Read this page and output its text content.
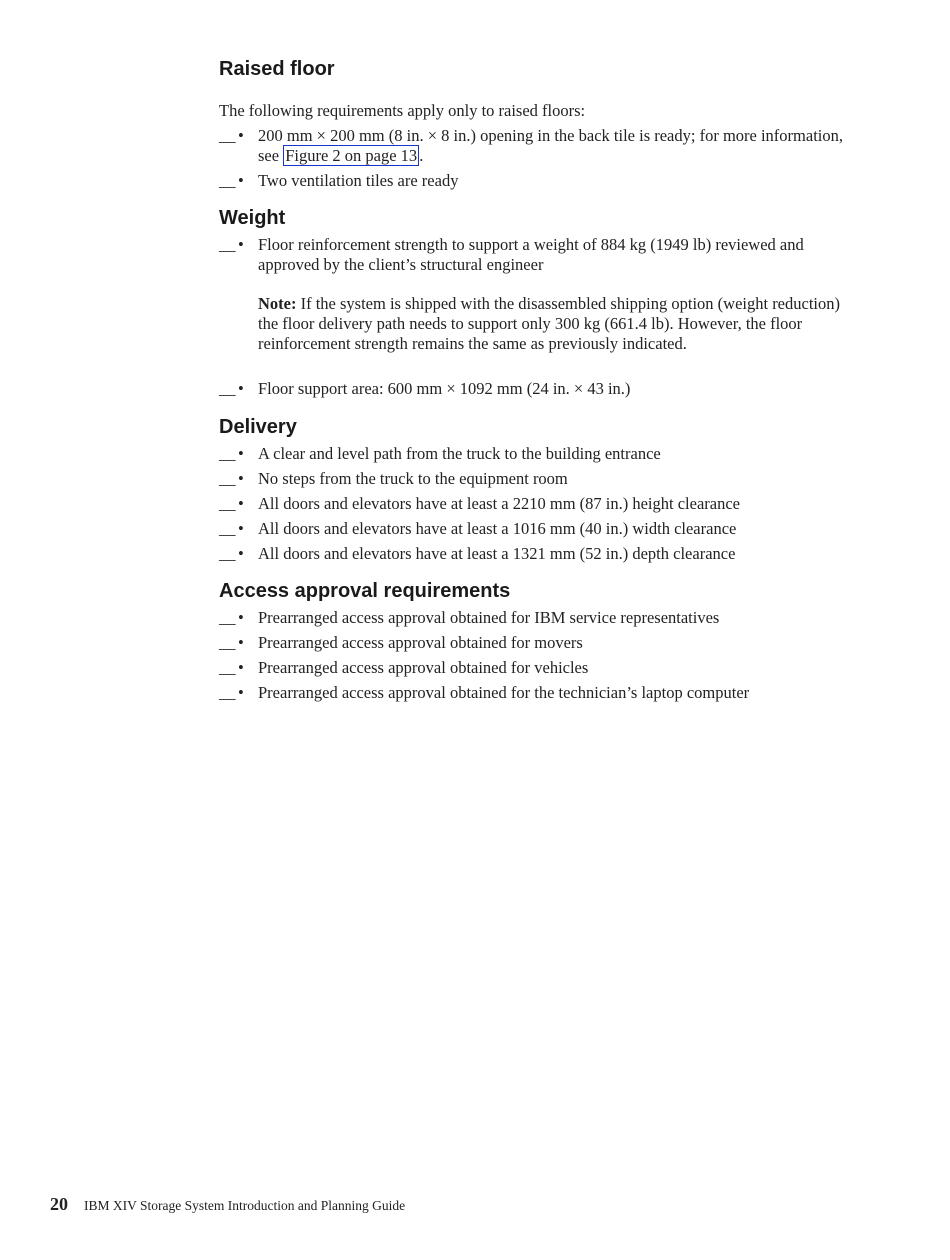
Raised floor
The following requirements apply only to raised floors:
__ • 200 mm × 200 mm (8 in. × 8 in.) opening in the back tile is ready; for more information, see Figure 2 on page 13 .
__ • Two ventilation tiles are ready
Weight
__ • Floor reinforcement strength to support a weight of 884 kg (1949 lb) reviewed and approved by the client’s structural engineer
Note: If the system is shipped with the disassembled shipping option (weight reduction) the floor delivery path needs to support only 300 kg (661.4 lb). However, the floor reinforcement strength remains the same as previously indicated.
__ • Floor support area: 600 mm × 1092 mm (24 in. × 43 in.)
Delivery
__ • A clear and level path from the truck to the building entrance
__ • No steps from the truck to the equipment room
__ • All doors and elevators have at least a 2210 mm (87 in.) height clearance
__ • All doors and elevators have at least a 1016 mm (40 in.) width clearance
__ • All doors and elevators have at least a 1321 mm (52 in.) depth clearance
Access approval requirements
__ • Prearranged access approval obtained for IBM service representatives
__ • Prearranged access approval obtained for movers
__ • Prearranged access approval obtained for vehicles
__ • Prearranged access approval obtained for the technician’s laptop computer
20 IBM XIV Storage System Introduction and Planning Guide
